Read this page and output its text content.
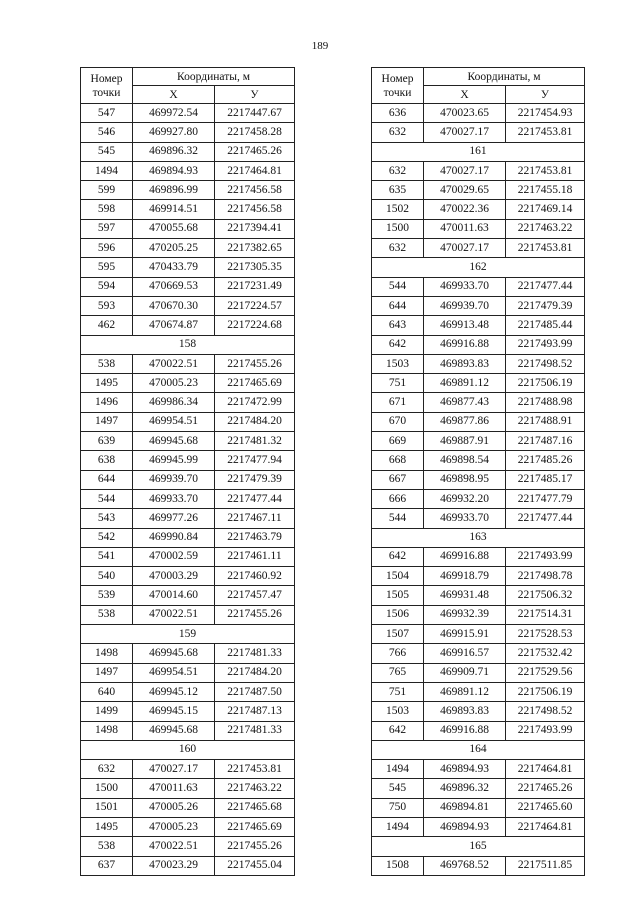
189
Номер
точки	Координаты, м	
	X	У
547	469972.54	2217447.67
546	469927.80	2217458.28
545	469896.32	2217465.26
1494	469894.93	2217464.81
599	469896.99	2217456.58
598	469914.51	2217456.58
597	470055.68	2217394.41
596	470205.25	2217382.65
595	470433.79	2217305.35
594	470669.53	2217231.49
593	470670.30	2217224.57
462	470674.87	2217224.68
158		
538	470022.51	2217455.26
1495	470005.23	2217465.69
1496	469986.34	2217472.99
1497	469954.51	2217484.20
639	469945.68	2217481.32
638	469945.99	2217477.94
644	469939.70	2217479.39
544	469933.70	2217477.44
543	469977.26	2217467.11
542	469990.84	2217463.79
541	470002.59	2217461.11
540	470003.29	2217460.92
539	470014.60	2217457.47
538	470022.51	2217455.26
159		
1498	469945.68	2217481.33
1497	469954.51	2217484.20
640	469945.12	2217487.50
1499	469945.15	2217487.13
1498	469945.68	2217481.33
160		
632	470027.17	2217453.81
1500	470011.63	2217463.22
1501	470005.26	2217465.68
1495	470005.23	2217465.69
538	470022.51	2217455.26
637	470023.29	2217455.04
Номер
точки	Координаты, м	
	X	У
636	470023.65	2217454.93
632	470027.17	2217453.81
161		
632	470027.17	2217453.81
635	470029.65	2217455.18
1502	470022.36	2217469.14
1500	470011.63	2217463.22
632	470027.17	2217453.81
162		
544	469933.70	2217477.44
644	469939.70	2217479.39
643	469913.48	2217485.44
642	469916.88	2217493.99
1503	469893.83	2217498.52
751	469891.12	2217506.19
671	469877.43	2217488.98
670	469877.86	2217488.91
669	469887.91	2217487.16
668	469898.54	2217485.26
667	469898.95	2217485.17
666	469932.20	2217477.79
544	469933.70	2217477.44
163		
642	469916.88	2217493.99
1504	469918.79	2217498.78
1505	469931.48	2217506.32
1506	469932.39	2217514.31
1507	469915.91	2217528.53
766	469916.57	2217532.42
765	469909.71	2217529.56
751	469891.12	2217506.19
1503	469893.83	2217498.52
642	469916.88	2217493.99
164		
1494	469894.93	2217464.81
545	469896.32	2217465.26
750	469894.81	2217465.60
1494	469894.93	2217464.81
165		
1508	469768.52	2217511.85
